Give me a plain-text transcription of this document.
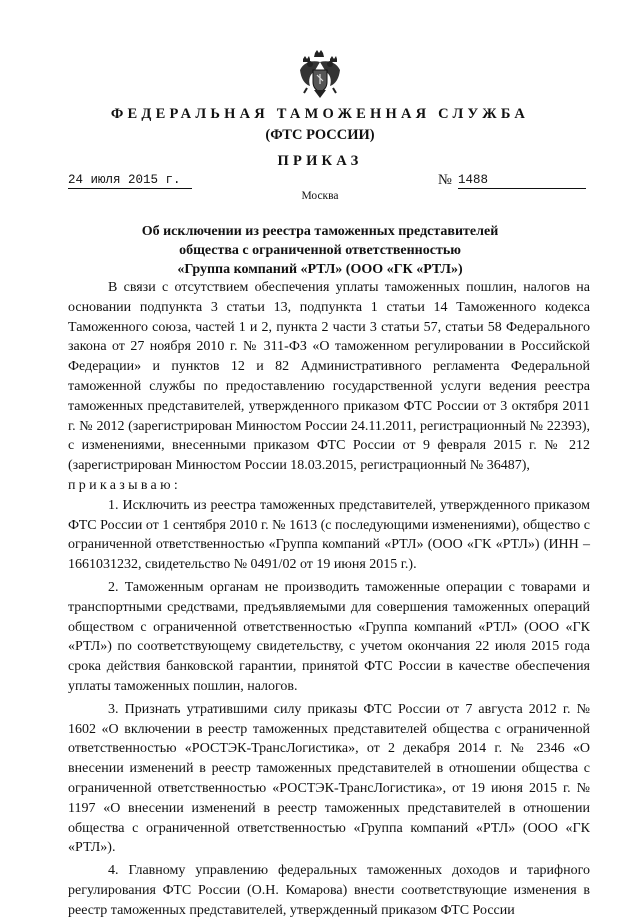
ФЕДЕРАЛЬНАЯ ТАМОЖЕННАЯ СЛУЖБА

(ФТС РОССИИ)

ПРИКАЗ

24 июля 2015 г.	№ 1488

Москва

Об исключении из реестра таможенных представителей
общества с ограниченной ответственностью
«Группа компаний «РТЛ» (ООО «ГК «РТЛ»)

В связи с отсутствием обеспечения уплаты таможенных пошлин, налогов на основании подпункта 3 статьи 13, подпункта 1 статьи 14 Таможенного кодекса Таможенного союза, частей 1 и 2, пункта 2 части 3 статьи 57, статьи 58 Федерального закона от 27 ноября 2010 г. № 311-ФЗ «О таможенном регулировании в Российской Федерации» и пунктов 12 и 82 Административного регламента Федеральной таможенной службы по предоставлению государственной услуги ведения реестра таможенных представителей, утвержденного приказом ФТС России от 3 октября 2011 г. № 2012 (зарегистрирован Минюстом России 24.11.2011, регистрационный № 22393), с изменениями, внесенными приказом ФТС России от 9 февраля 2015 г. № 212 (зарегистрирован Минюстом России 18.03.2015, регистрационный № 36487),

приказываю:

1. Исключить из реестра таможенных представителей, утвержденного приказом ФТС России от 1 сентября 2010 г. № 1613 (с последующими изменениями), общество с ограниченной ответственностью «Группа компаний «РТЛ» (ООО «ГК «РТЛ») (ИНН – 1661031232, свидетельство № 0491/02 от 19 июня 2015 г.).

2. Таможенным органам не производить таможенные операции с товарами и транспортными средствами, предъявляемыми для совершения таможенных операций обществом с ограниченной ответственностью «Группа компаний «РТЛ» (ООО «ГК «РТЛ») по соответствующему свидетельству, с учетом окончания 22 июля 2015 года срока действия банковской гарантии, принятой ФТС России в качестве обеспечения уплаты таможенных пошлин, налогов.

3. Признать утратившими силу приказы ФТС России от 7 августа 2012 г. № 1602 «О включении в реестр таможенных представителей общества с ограниченной ответственностью «РОСТЭК-ТрансЛогистика», от 2 декабря 2014 г. № 2346 «О внесении изменений в реестр таможенных представителей в отношении общества с ограниченной ответственностью «РОСТЭК-ТрансЛогистика», от 19 июня 2015 г. № 1197 «О внесении изменений в реестр таможенных представителей в отношении общества с ограниченной ответственностью «Группа компаний «РТЛ» (ООО «ГК «РТЛ»).

4. Главному управлению федеральных таможенных доходов и тарифного регулирования ФТС России (О.Н. Комарова) внести соответствующие изменения в реестр таможенных представителей, утвержденный приказом ФТС России
